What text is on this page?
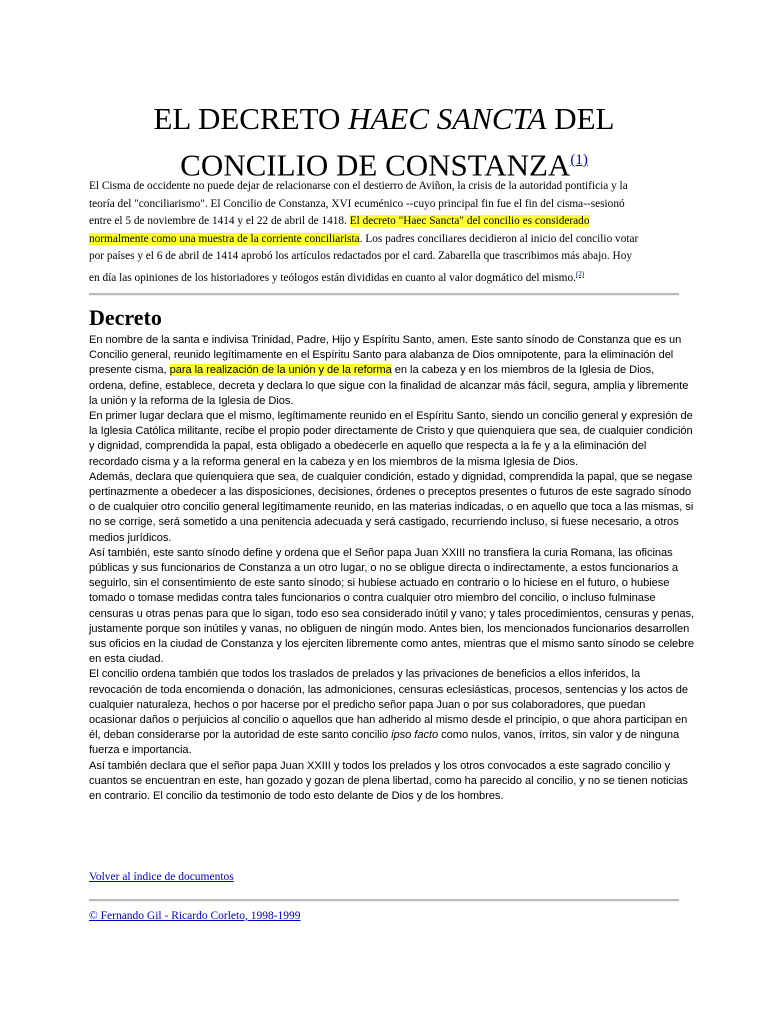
EL DECRETO HAEC SANCTA DEL
CONCILIO DE CONSTANZA$^{(1)}$

El Cisma de occidente no puede dejar de relacionarse con el destierro de Aviñon, la crisis de la autoridad pontificia y la teoría del "conciliarismo". El Concilio de Constanza, XVI ecuménico --cuyo principal fin fue el fin del cisma--sesionó entre el 5 de noviembre de 1414 y el 22 de abril de 1418. El decreto "Haec Sancta" del concilio es considerado normalmente como una muestra de la corriente conciliarista. Los padres conciliares decidieron al inicio del concilio votar por países y el 6 de abril de 1414 aprobó los artículos redactados por el card. Zabarella que trascribimos más abajo. Hoy en día las opiniones de los historiadores y teólogos están divididas en cuanto al valor dogmático del mismo.$^{(2)}$

Decreto

En nombre de la santa e indivisa Trinidad, Padre, Hijo y Espíritu Santo, amen. Este santo sínodo de Constanza que es un Concilio general, reunido legítimamente en el Espíritu Santo para alabanza de Dios omnipotente, para la eliminación del presente cisma, para la realización de la unión y de la reforma en la cabeza y en los miembros de la Iglesia de Dios, ordena, define, establece, decreta y declara lo que sigue con la finalidad de alcanzar más fácil, segura, amplia y libremente la unión y la reforma de la Iglesia de Dios.

En primer lugar declara que el mismo, legítimamente reunido en el Espíritu Santo, siendo un concilio general y expresión de la Iglesia Católica militante, recibe el propio poder directamente de Cristo y que quienquiera que sea, de cualquier condición y dignidad, comprendida la papal, esta obligado a obedecerle en aquello que respecta a la fe y a la eliminación del recordado cisma y a la reforma general en la cabeza y en los miembros de la misma Iglesia de Dios.

Además, declara que quienquiera que sea, de cualquier condición, estado y dignidad, comprendida la papal, que se negase pertinazmente a obedecer a las disposiciones, decisiones, órdenes o preceptos presentes o futuros de este sagrado sínodo o de cualquier otro concilio general legítimamente reunido, en las materias indicadas, o en aquello que toca a las mismas, si no se corrige, será sometido a una penitencia adecuada y será castigado, recurriendo incluso, si fuese necesario, a otros medios jurídicos.

Así también, este santo sínodo define y ordena que el Señor papa Juan XXIII no transfiera la curia Romana, las oficinas públicas y sus funcionarios de Constanza a un otro lugar, o no se obligue directa o indirectamente, a estos funcionarios a seguirlo, sin el consentimiento de este santo sínodo; si hubiese actuado en contrario o lo hiciese en el futuro, o hubiese tomado o tomase medidas contra tales funcionarios o contra cualquier otro miembro del concilio, o incluso fulminase censuras u otras penas para que lo sigan, todo eso sea considerado inútil y vano; y tales procedimientos, censuras y penas, justamente porque son inútiles y vanas, no obliguen de ningún modo. Antes bien, los mencionados funcionarios desarrollen sus oficios en la ciudad de Constanza y los ejerciten libremente como antes, mientras que el mismo santo sínodo se celebre en esta ciudad.

El concilio ordena también que todos los traslados de prelados y las privaciones de beneficios a ellos inferidos, la revocación de toda encomienda o donación, las admoniciones, censuras eclesiásticas, procesos, sentencias y los actos de cualquier naturaleza, hechos o por hacerse por el predicho señor papa Juan o por sus colaboradores, que puedan ocasionar daños o perjuicios al concilio o aquellos que han adherido al mismo desde el principio, o que ahora participan en él, deban considerarse por la autoridad de este santo concilio ipso facto como nulos, vanos, írritos, sin valor y de ninguna fuerza e importancia.

Así también declara que el señor papa Juan XXIII y todos los prelados y los otros convocados a este sagrado concilio y cuantos se encuentran en este, han gozado y gozan de plena libertad, como ha parecido al concilio, y no se tienen noticias en contrario. El concilio da testimonio de todo esto delante de Dios y de los hombres.

Volver al índice de documentos
© Fernando Gil - Ricardo Corleto, 1998-1999
